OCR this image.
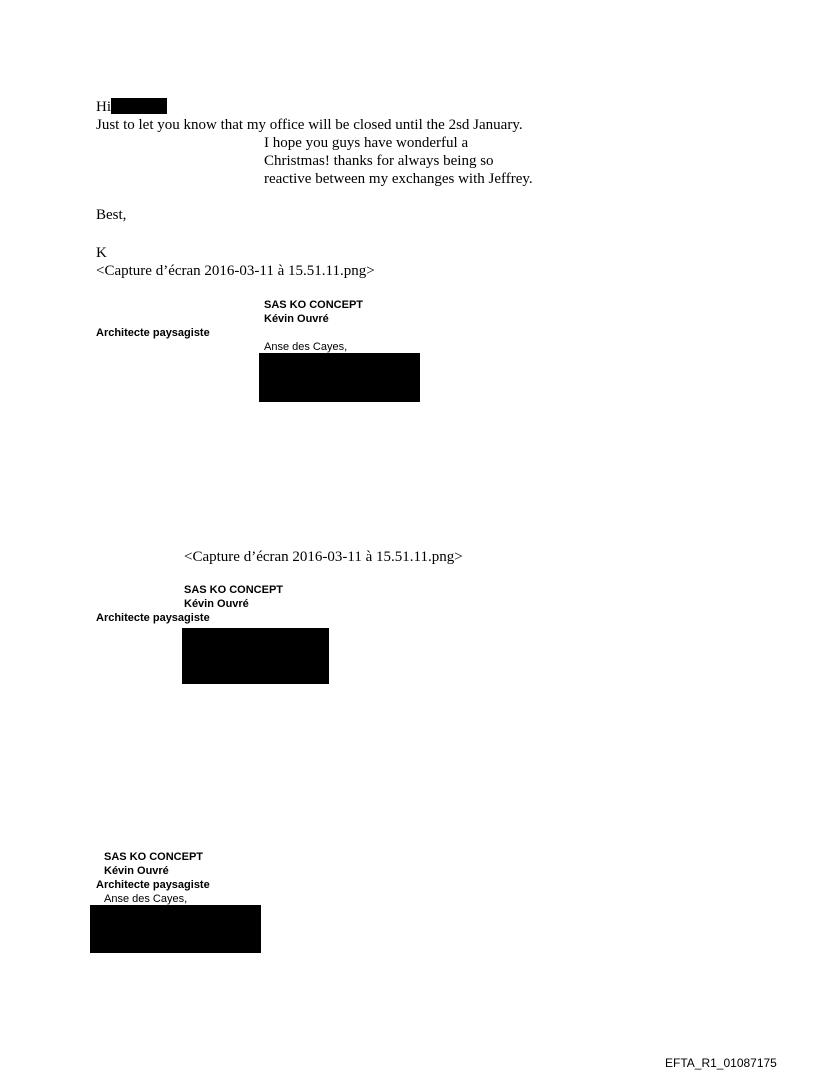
Hi
Just to let you know that my office will be closed until the 2sd January.
I hope you guys have wonderful a
Christmas! thanks for always being so
reactive between my exchanges with Jeffrey.
Best,
K
<Capture d’écran 2016-03-11 à 15.51.11.png>
SAS KO CONCEPT
Kévin Ouvré
Architecte paysagiste
Anse des Cayes,
<Capture d’écran 2016-03-11 à 15.51.11.png>
SAS KO CONCEPT
Kévin Ouvré
Architecte paysagiste
SAS KO CONCEPT
Kévin Ouvré
Architecte paysagiste
Anse des Cayes,
EFTA_R1_01087175
